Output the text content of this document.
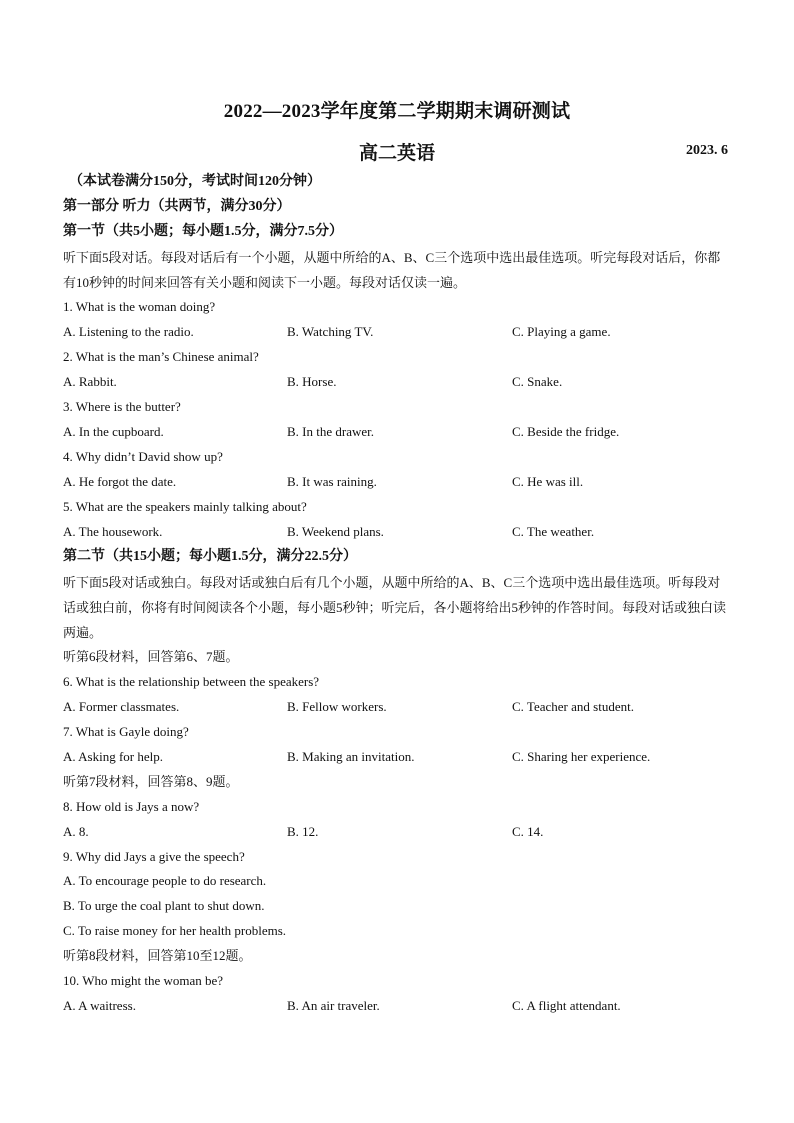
2022—2023学年度第二学期期末调研测试
高二英语	2023. 6
（本试卷满分150分，考试时间120分钟）
第一部分 听力（共两节，满分30分）
第一节（共5小题；每小题1.5分，满分7.5分）
听下面5段对话。每段对话后有一个小题，从题中所给的A、B、C三个选项中选出最佳选项。听完每段对话后，你都有10秒钟的时间来回答有关小题和阅读下一小题。每段对话仅读一遍。
1. What is the woman doing?
A. Listening to the radio.	B. Watching TV.	C. Playing a game.
2. What is the man’s Chinese animal?
A. Rabbit.	B. Horse.	C. Snake.
3. Where is the butter?
A. In the cupboard.	B. In the drawer.	C. Beside the fridge.
4. Why didn’t David show up?
A. He forgot the date.	B. It was raining.	C. He was ill.
5. What are the speakers mainly talking about?
A. The housework.	B. Weekend plans.	C. The weather.
第二节（共15小题；每小题1.5分，满分22.5分）
听下面5段对话或独白。每段对话或独白后有几个小题，从题中所给的A、B、C三个选项中选出最佳选项。听每段对话或独白前，你将有时间阅读各个小题，每小题5秒钟；听完后，各小题将给出5秒钟的作答时间。每段对话或独白读两遍。
听第6段材料，回答第6、7题。
6. What is the relationship between the speakers?
A. Former classmates.	B. Fellow workers.	C. Teacher and student.
7. What is Gayle doing?
A. Asking for help.	B. Making an invitation.	C. Sharing her experience.
听第7段材料，回答第8、9题。
8. How old is Jays a now?
A. 8.	B. 12.	C. 14.
9. Why did Jays a give the speech?
A. To encourage people to do research.
B. To urge the coal plant to shut down.
C. To raise money for her health problems.
听第8段材料，回答第10至12题。
10. Who might the woman be?
A. A waitress.	B. An air traveler.	C. A flight attendant.
